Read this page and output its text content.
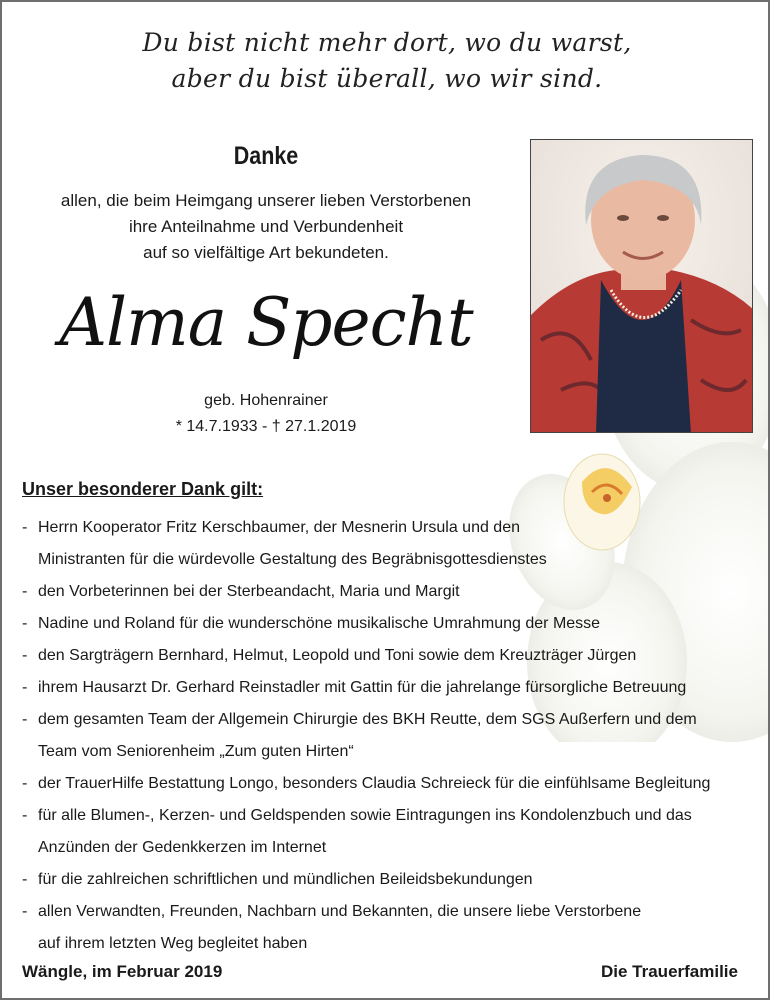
Du bist nicht mehr dort, wo du warst,
aber du bist überall, wo wir sind.
Danke
allen, die beim Heimgang unserer lieben Verstorbenen
ihre Anteilnahme und Verbundenheit
auf so vielfältige Art bekundeten.
Alma Specht
geb. Hohenrainer
* 14.7.1933 - † 27.1.2019
Unser besonderer Dank gilt:
- Herrn Kooperator Fritz Kerschbaumer, der Mesnerin Ursula und den Ministranten für die würdevolle Gestaltung des Begräbnisgottesdienstes
- den Vorbeterinnen bei der Sterbeandacht, Maria und Margit
- Nadine und Roland für die wunderschöne musikalische Umrahmung der Messe
- den Sargträgern Bernhard, Helmut, Leopold und Toni sowie dem Kreuzträger Jürgen
- ihrem Hausarzt Dr. Gerhard Reinstadler mit Gattin für die jahrelange fürsorgliche Betreuung
- dem gesamten Team der Allgemein Chirurgie des BKH Reutte, dem SGS Außerfern und dem Team vom Seniorenheim „Zum guten Hirten“
- der TrauerHilfe Bestattung Longo, besonders Claudia Schreieck für die einfühlsame Begleitung
- für alle Blumen-, Kerzen- und Geldspenden sowie Eintragungen ins Kondolenzbuch und das Anzünden der Gedenkkerzen im Internet
- für die zahlreichen schriftlichen und mündlichen Beileidsbekundungen
- allen Verwandten, Freunden, Nachbarn und Bekannten, die unsere liebe Verstorbene auf ihrem letzten Weg begleitet haben
Wängle, im Februar 2019	Die Trauerfamilie
